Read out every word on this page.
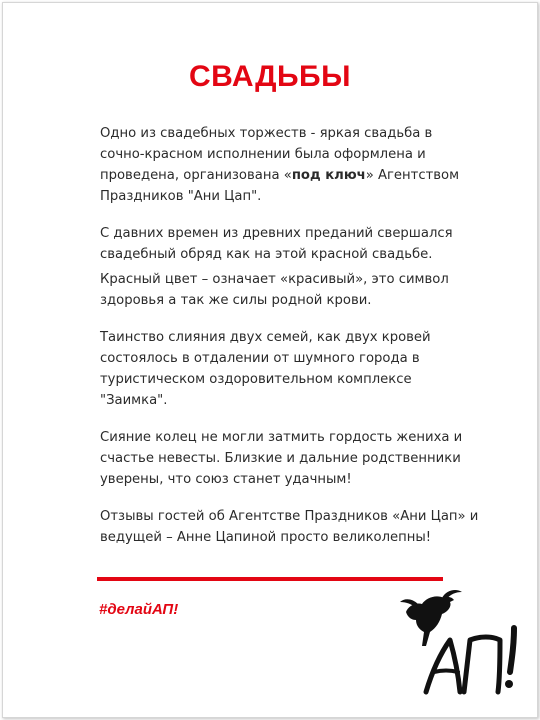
СВАДЬБЫ

Одно из свадебных торжеств - яркая свадьба в сочно-красном исполнении была оформлена и проведена, организована «под ключ» Агентством Праздников "Ани Цап".

С давних времен из древних преданий свершался свадебный обряд как на этой красной свадьбе.

Красный цвет – означает «красивый», это символ здоровья а так же силы родной крови.

Таинство слияния двух семей, как двух кровей состоялось в отдалении от шумного города в туристическом оздоровительном комплексе "Заимка".

Сияние колец не могли затмить гордость жениха и счастье невесты. Близкие и дальние родственники уверены, что союз станет удачным!

Отзывы гостей об Агентстве Праздников «Ани Цап» и ведущей – Анне Цапиной просто великолепны!

#делайАП!
